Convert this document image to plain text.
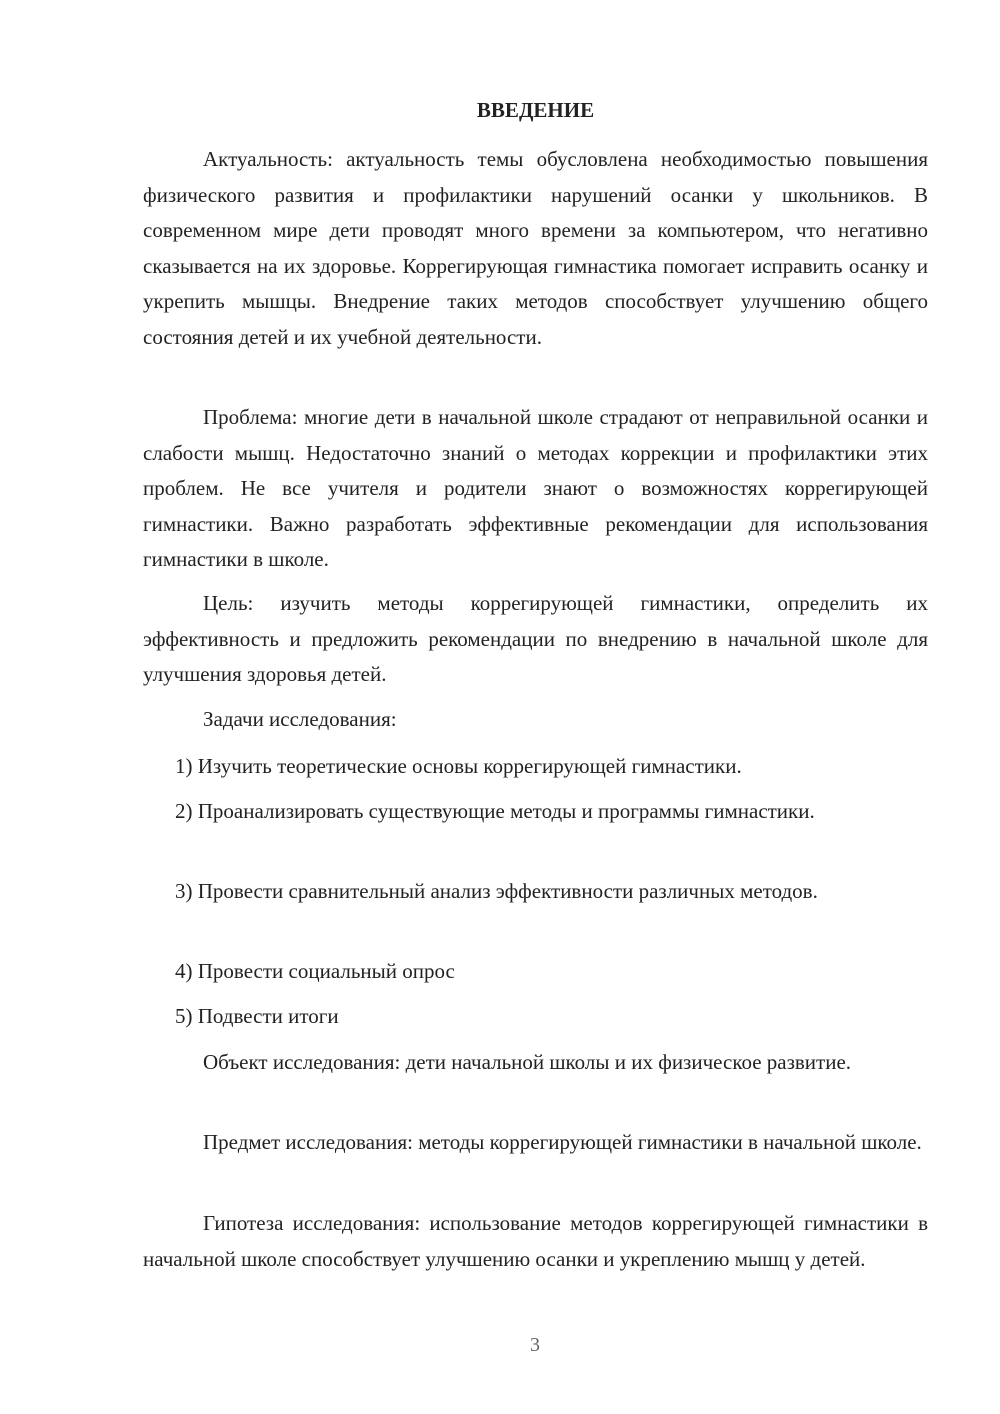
ВВЕДЕНИЕ

Актуальность: актуальность темы обусловлена необходимостью повышения физического развития и профилактики нарушений осанки у школьников. В современном мире дети проводят много времени за компьютером, что негативно сказывается на их здоровье. Коррегирующая гимнастика помогает исправить осанку и укрепить мышцы. Внедрение таких методов способствует улучшению общего состояния детей и их учебной деятельности.

Проблема: многие дети в начальной школе страдают от неправильной осанки и слабости мышц. Недостаточно знаний о методах коррекции и профилактики этих проблем. Не все учителя и родители знают о возможностях коррегирующей гимнастики. Важно разработать эффективные рекомендации для использования гимнастики в школе.

Цель: изучить методы коррегирующей гимнастики, определить их эффективность и предложить рекомендации по внедрению в начальной школе для улучшения здоровья детей.

Задачи исследования:

1) Изучить теоретические основы коррегирующей гимнастики.

2) Проанализировать существующие методы и программы гимнастики.

3) Провести сравнительный анализ эффективности различных методов.

4) Провести социальный опрос

5) Подвести итоги

Объект исследования: дети начальной школы и их физическое развитие.

Предмет исследования: методы коррегирующей гимнастики в начальной школе.

Гипотеза исследования: использование методов коррегирующей гимнастики в начальной школе способствует улучшению осанки и укреплению мышц у детей.

3
